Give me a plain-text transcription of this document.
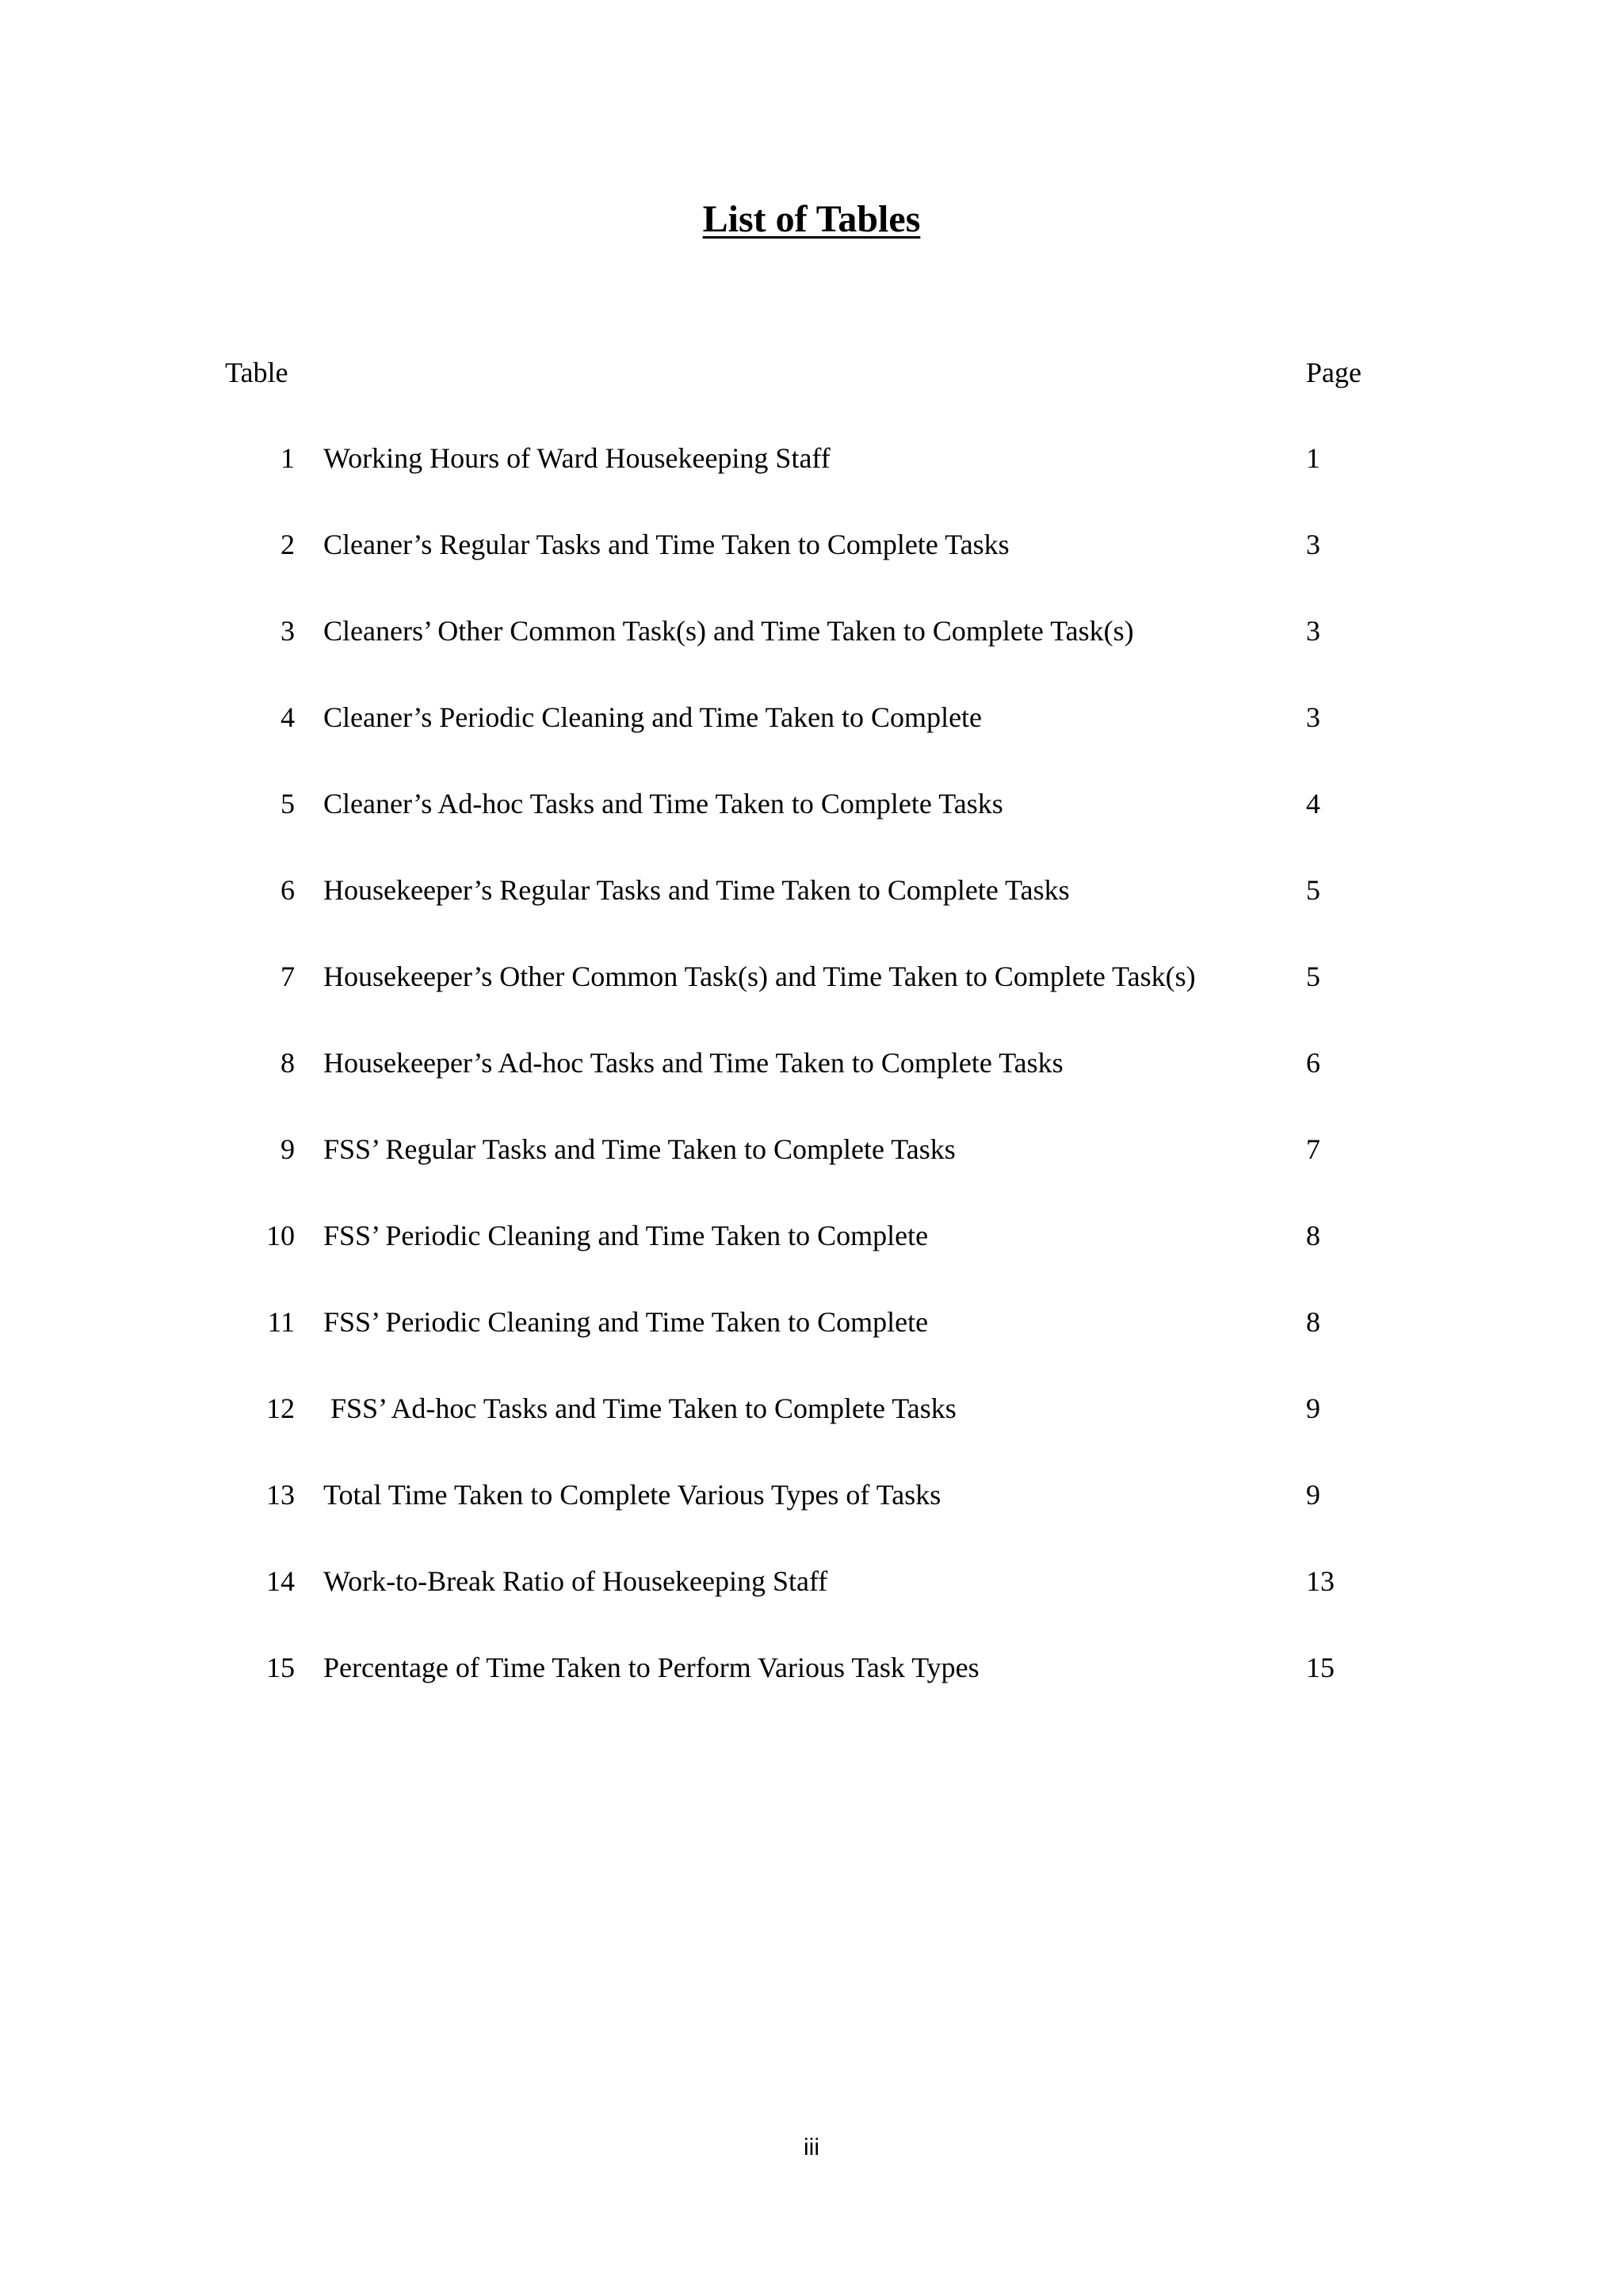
List of Tables
Table	Page
1 Working Hours of Ward Housekeeping Staff	1
2 Cleaner’s Regular Tasks and Time Taken to Complete Tasks	3
3 Cleaners’ Other Common Task(s) and Time Taken to Complete Task(s)	3
4 Cleaner’s Periodic Cleaning and Time Taken to Complete	3
5 Cleaner’s Ad-hoc Tasks and Time Taken to Complete Tasks	4
6 Housekeeper’s Regular Tasks and Time Taken to Complete Tasks	5
7 Housekeeper’s Other Common Task(s) and Time Taken to Complete Task(s)	5
8 Housekeeper’s Ad-hoc Tasks and Time Taken to Complete Tasks	6
9 FSS’ Regular Tasks and Time Taken to Complete Tasks	7
10 FSS’ Periodic Cleaning and Time Taken to Complete	8
11 FSS’ Periodic Cleaning and Time Taken to Complete	8
12 FSS’ Ad-hoc Tasks and Time Taken to Complete Tasks	9
13 Total Time Taken to Complete Various Types of Tasks	9
14 Work-to-Break Ratio of Housekeeping Staff	13
15 Percentage of Time Taken to Perform Various Task Types	15
iii
